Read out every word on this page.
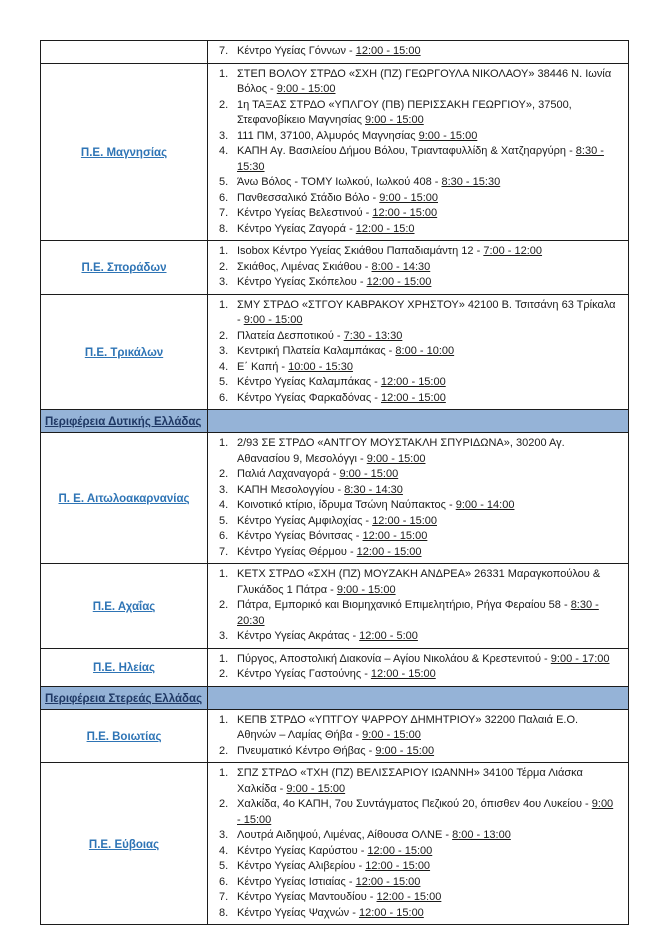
	7. Κέντρο Υγείας Γόννων - 12:00 - 15:00

Π.Ε. Μαγνησίας	
1. ΣΤΕΠ ΒΟΛΟΥ ΣΤΡΔΟ «ΣΧΗ (ΠΖ) ΓΕΩΡΓΟΥΛΑ ΝΙΚΟΛΑΟΥ» 38446 Ν. Ιωνία Βόλος - 9:00 - 15:00
2. 1η ΤΑΞΑΣ ΣΤΡΔΟ «ΥΠΛΓΟΥ (ΠΒ) ΠΕΡΙΣΣΑΚΗ ΓΕΩΡΓΙΟΥ», 37500, Στεφανοβίκειο Μαγνησίας 9:00 - 15:00
3. 111 ΠΜ, 37100, Αλμυρός Μαγνησίας 9:00 - 15:00
4. ΚΑΠΗ Αγ. Βασιλείου Δήμου Βόλου, Τριανταφυλλίδη & Χατζηαργύρη - 8:30 - 15:30
5. Άνω Βόλος - ΤΟΜΥ Ιωλκού, Ιωλκού 408 - 8:30 - 15:30
6. Πανθεσσαλικό Στάδιο Βόλο - 9:00 - 15:00
7. Κέντρο Υγείας Βελεστινού - 12:00 - 15:00
8. Κέντρο Υγείας Ζαγορά - 12:00 - 15:0

Π.Ε. Σποράδων	
1. Isobox Κέντρο Υγείας Σκιάθου Παπαδιαμάντη 12 - 7:00 - 12:00
2. Σκιάθος, Λιμένας Σκιάθου - 8:00 - 14:30
3. Κέντρο Υγείας Σκόπελου - 12:00 - 15:00

Π.Ε. Τρικάλων	
1. ΣΜΥ ΣΤΡΔΟ «ΣΤΓΟΥ ΚΑΒΡΑΚΟΥ ΧΡΗΣΤΟΥ» 42100 Β. Τσιτσάνη 63 Τρίκαλα - 9:00 - 15:00
2. Πλατεία Δεσποτικού - 7:30 - 13:30
3. Κεντρική Πλατεία Καλαμπάκας - 8:00 - 10:00
4. Ε΄ Καπή - 10:00 - 15:30
5. Κέντρο Υγείας Καλαμπάκας - 12:00 - 15:00
6. Κέντρο Υγείας Φαρκαδόνας - 12:00 - 15:00

Περιφέρεια Δυτικής Ελλάδας	
Π. Ε. Αιτωλοακαρνανίας	
1. 2/93 ΣΕ ΣΤΡΔΟ «ΑΝΤΓΟΥ ΜΟΥΣΤΑΚΛΗ ΣΠΥΡΙΔΩΝΑ», 30200 Αγ. Αθανασίου 9, Μεσολόγγι - 9:00 - 15:00
2. Παλιά Λαχαναγορά - 9:00 - 15:00
3. ΚΑΠΗ Μεσολογγίου - 8:30 - 14:30
4. Κοινοτικό κτίριο, ίδρυμα Τσώνη Ναύπακτος - 9:00 - 14:00
5. Κέντρο Υγείας Αμφιλοχίας - 12:00 - 15:00
6. Κέντρο Υγείας Βόνιτσας - 12:00 - 15:00
7. Κέντρο Υγείας Θέρμου - 12:00 - 15:00

Π.Ε. Αχαΐας	
1. ΚΕΤΧ ΣΤΡΔΟ «ΣΧΗ (ΠΖ) ΜΟΥΖΑΚΗ ΑΝΔΡΕΑ» 26331 Μαραγκοπούλου & Γλυκάδος 1 Πάτρα - 9:00 - 15:00
2. Πάτρα, Εμπορικό και Βιομηχανικό Επιμελητήριο, Ρήγα Φεραίου 58 - 8:30 - 20:30
3. Κέντρο Υγείας Ακράτας - 12:00 - 5:00

Π.Ε. Ηλείας	1. Πύργος, Αποστολική Διακονία – Αγίου Νικολάου & Κρεστενιτού - 9:00 - 17:00
2. Κέντρο Υγείας Γαστούνης - 12:00 - 15:00

Περιφέρεια Στερεάς Ελλάδας	
Π.Ε. Βοιωτίας	1. ΚΕΠΒ ΣΤΡΔΟ «ΥΠΤΓΟΥ ΨΑΡΡΟΥ ΔΗΜΗΤΡΙΟΥ» 32200 Παλαιά Ε.Ο. Αθηνών – Λαμίας Θήβα - 9:00 - 15:00
2. Πνευματικό Κέντρο Θήβας - 9:00 - 15:00

Π.Ε. Εύβοιας	
1. ΣΠΖ ΣΤΡΔΟ «ΤΧΗ (ΠΖ) ΒΕΛΙΣΣΑΡΙΟΥ ΙΩΑΝΝΗ» 34100 Τέρμα Λιάσκα Χαλκίδα - 9:00 - 15:00
2. Χαλκίδα, 4ο ΚΑΠΗ, 7ου Συντάγματος Πεζικού 20, όπισθεν 4ου Λυκείου - 9:00 - 15:00
3. Λουτρά Αιδηψού, Λιμένας, Αίθουσα ΟΛΝΕ - 8:00 - 13:00
4. Κέντρο Υγείας Καρύστου - 12:00 - 15:00
5. Κέντρο Υγείας Αλιβερίου - 12:00 - 15:00
6. Κέντρο Υγείας Ιστιαίας - 12:00 - 15:00
7. Κέντρο Υγείας Μαντουδίου - 12:00 - 15:00
8. Κέντρο Υγείας Ψαχνών - 12:00 - 15:00
